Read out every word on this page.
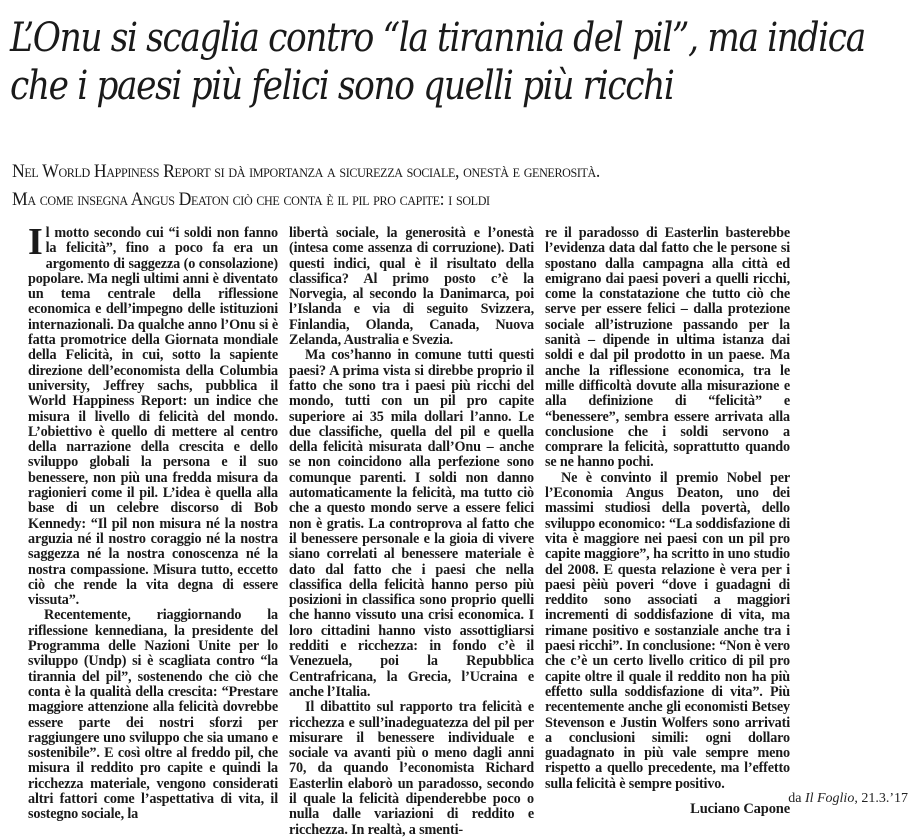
L’Onu si scaglia contro “la tirannia del pil”, ma indica
che i paesi più felici sono quelli più ricchi
Nel World Happiness Report si dà importanza a sicurezza sociale, onestà e generosità.
Ma come insegna Angus Deaton ciò che conta è il pil pro capite: i soldi
I l motto secondo cui “i soldi non fanno la felicità”, fino a poco fa era un argomento di saggezza (o consolazione) popolare. Ma negli ultimi anni è diventato un tema centrale della riflessione economica e dell’impegno delle istituzioni internazionali. Da qualche anno l’Onu si è fatta promotrice della Giornata mondiale della Felicità, in cui, sotto la sapiente direzione dell’economista della Columbia university, Jeffrey sachs, pubblica il World Happiness Report: un indice che misura il livello di felicità del mondo. L’obiettivo è quello di mettere al centro della narrazione della crescita e dello sviluppo globali la persona e il suo benessere, non più una fredda misura da ragionieri come il pil. L’idea è quella alla base di un celebre discorso di Bob Kennedy: “Il pil non misura né la nostra arguzia né il nostro coraggio né la nostra saggezza né la nostra conoscenza né la nostra compassione. Misura tutto, eccetto ciò che rende la vita degna di essere vissuta”.

Recentemente, riaggiornando la riflessione kennediana, la presidente del Programma delle Nazioni Unite per lo sviluppo (Undp) si è scagliata contro “la tirannia del pil”, sostenendo che ciò che conta è la qualità della crescita: “Prestare maggiore attenzione alla felicità dovrebbe essere parte dei nostri sforzi per raggiungere uno sviluppo che sia umano e sostenibile”. E così oltre al freddo pil, che misura il reddito pro capite e quindi la ricchezza materiale, vengono considerati altri fattori come l’aspettativa di vita, il sostegno sociale, la

libertà sociale, la generosità e l’onestà (intesa come assenza di corruzione). Dati questi indici, qual è il risultato della classifica? Al primo posto c’è la Norvegia, al secondo la Danimarca, poi l’Islanda e via di seguito Svizzera, Finlandia, Olanda, Canada, Nuova Zelanda, Australia e Svezia.

Ma cos’hanno in comune tutti questi paesi? A prima vista si direbbe proprio il fatto che sono tra i paesi più ricchi del mondo, tutti con un pil pro capite superiore ai 35 mila dollari l’anno. Le due classifiche, quella del pil e quella della felicità misurata dall’Onu – anche se non coincidono alla perfezione sono comunque parenti. I soldi non danno automaticamente la felicità, ma tutto ciò che a questo mondo serve a essere felici non è gratis. La controprova al fatto che il benessere personale e la gioia di vivere siano correlati al benessere materiale è dato dal fatto che i paesi che nella classifica della felicità hanno perso più posizioni in classifica sono proprio quelli che hanno vissuto una crisi economica. I loro cittadini hanno visto assottigliarsi redditi e ricchezza: in fondo c’è il Venezuela, poi la Repubblica Centrafricana, la Grecia, l’Ucraina e anche l’Italia.

Il dibattito sul rapporto tra felicità e ricchezza e sull’inadeguatezza del pil per misurare il benessere individuale e sociale va avanti più o meno dagli anni 70, da quando l’economista Richard Easterlin elaborò un paradosso, secondo il quale la felicità dipenderebbe poco o nulla dalle variazioni di reddito e ricchezza. In realtà, a smenti-

re il paradosso di Easterlin basterebbe l’evidenza data dal fatto che le persone si spostano dalla campagna alla città ed emigrano dai paesi poveri a quelli ricchi, come la constatazione che tutto ciò che serve per essere felici – dalla protezione sociale all’istruzione passando per la sanità – dipende in ultima istanza dai soldi e dal pil prodotto in un paese. Ma anche la riflessione economica, tra le mille difficoltà dovute alla misurazione e alla definizione di “felicità” e “benessere”, sembra essere arrivata alla conclusione che i soldi servono a comprare la felicità, soprattutto quando se ne hanno pochi.

Ne è convinto il premio Nobel per l’Economia Angus Deaton, uno dei massimi studiosi della povertà, dello sviluppo economico: “La soddisfazione di vita è maggiore nei paesi con un pil pro capite maggiore”, ha scritto in uno studio del 2008. E questa relazione è vera per i paesi pèiù poveri “dove i guadagni di reddito sono associati a maggiori incrementi di soddisfazione di vita, ma rimane positivo e sostanziale anche tra i paesi ricchi”. In conclusione: “Non è vero che c’è un certo livello critico di pil pro capite oltre il quale il reddito non ha più effetto sulla soddisfazione di vita”. Più recentemente anche gli economisti Betsey Stevenson e Justin Wolfers sono arrivati a conclusioni simili: ogni dollaro guadagnato in più vale sempre meno rispetto a quello precedente, ma l’effetto sulla felicità è sempre positivo.

Luciano Capone
da Il Foglio, 21.3.’17
